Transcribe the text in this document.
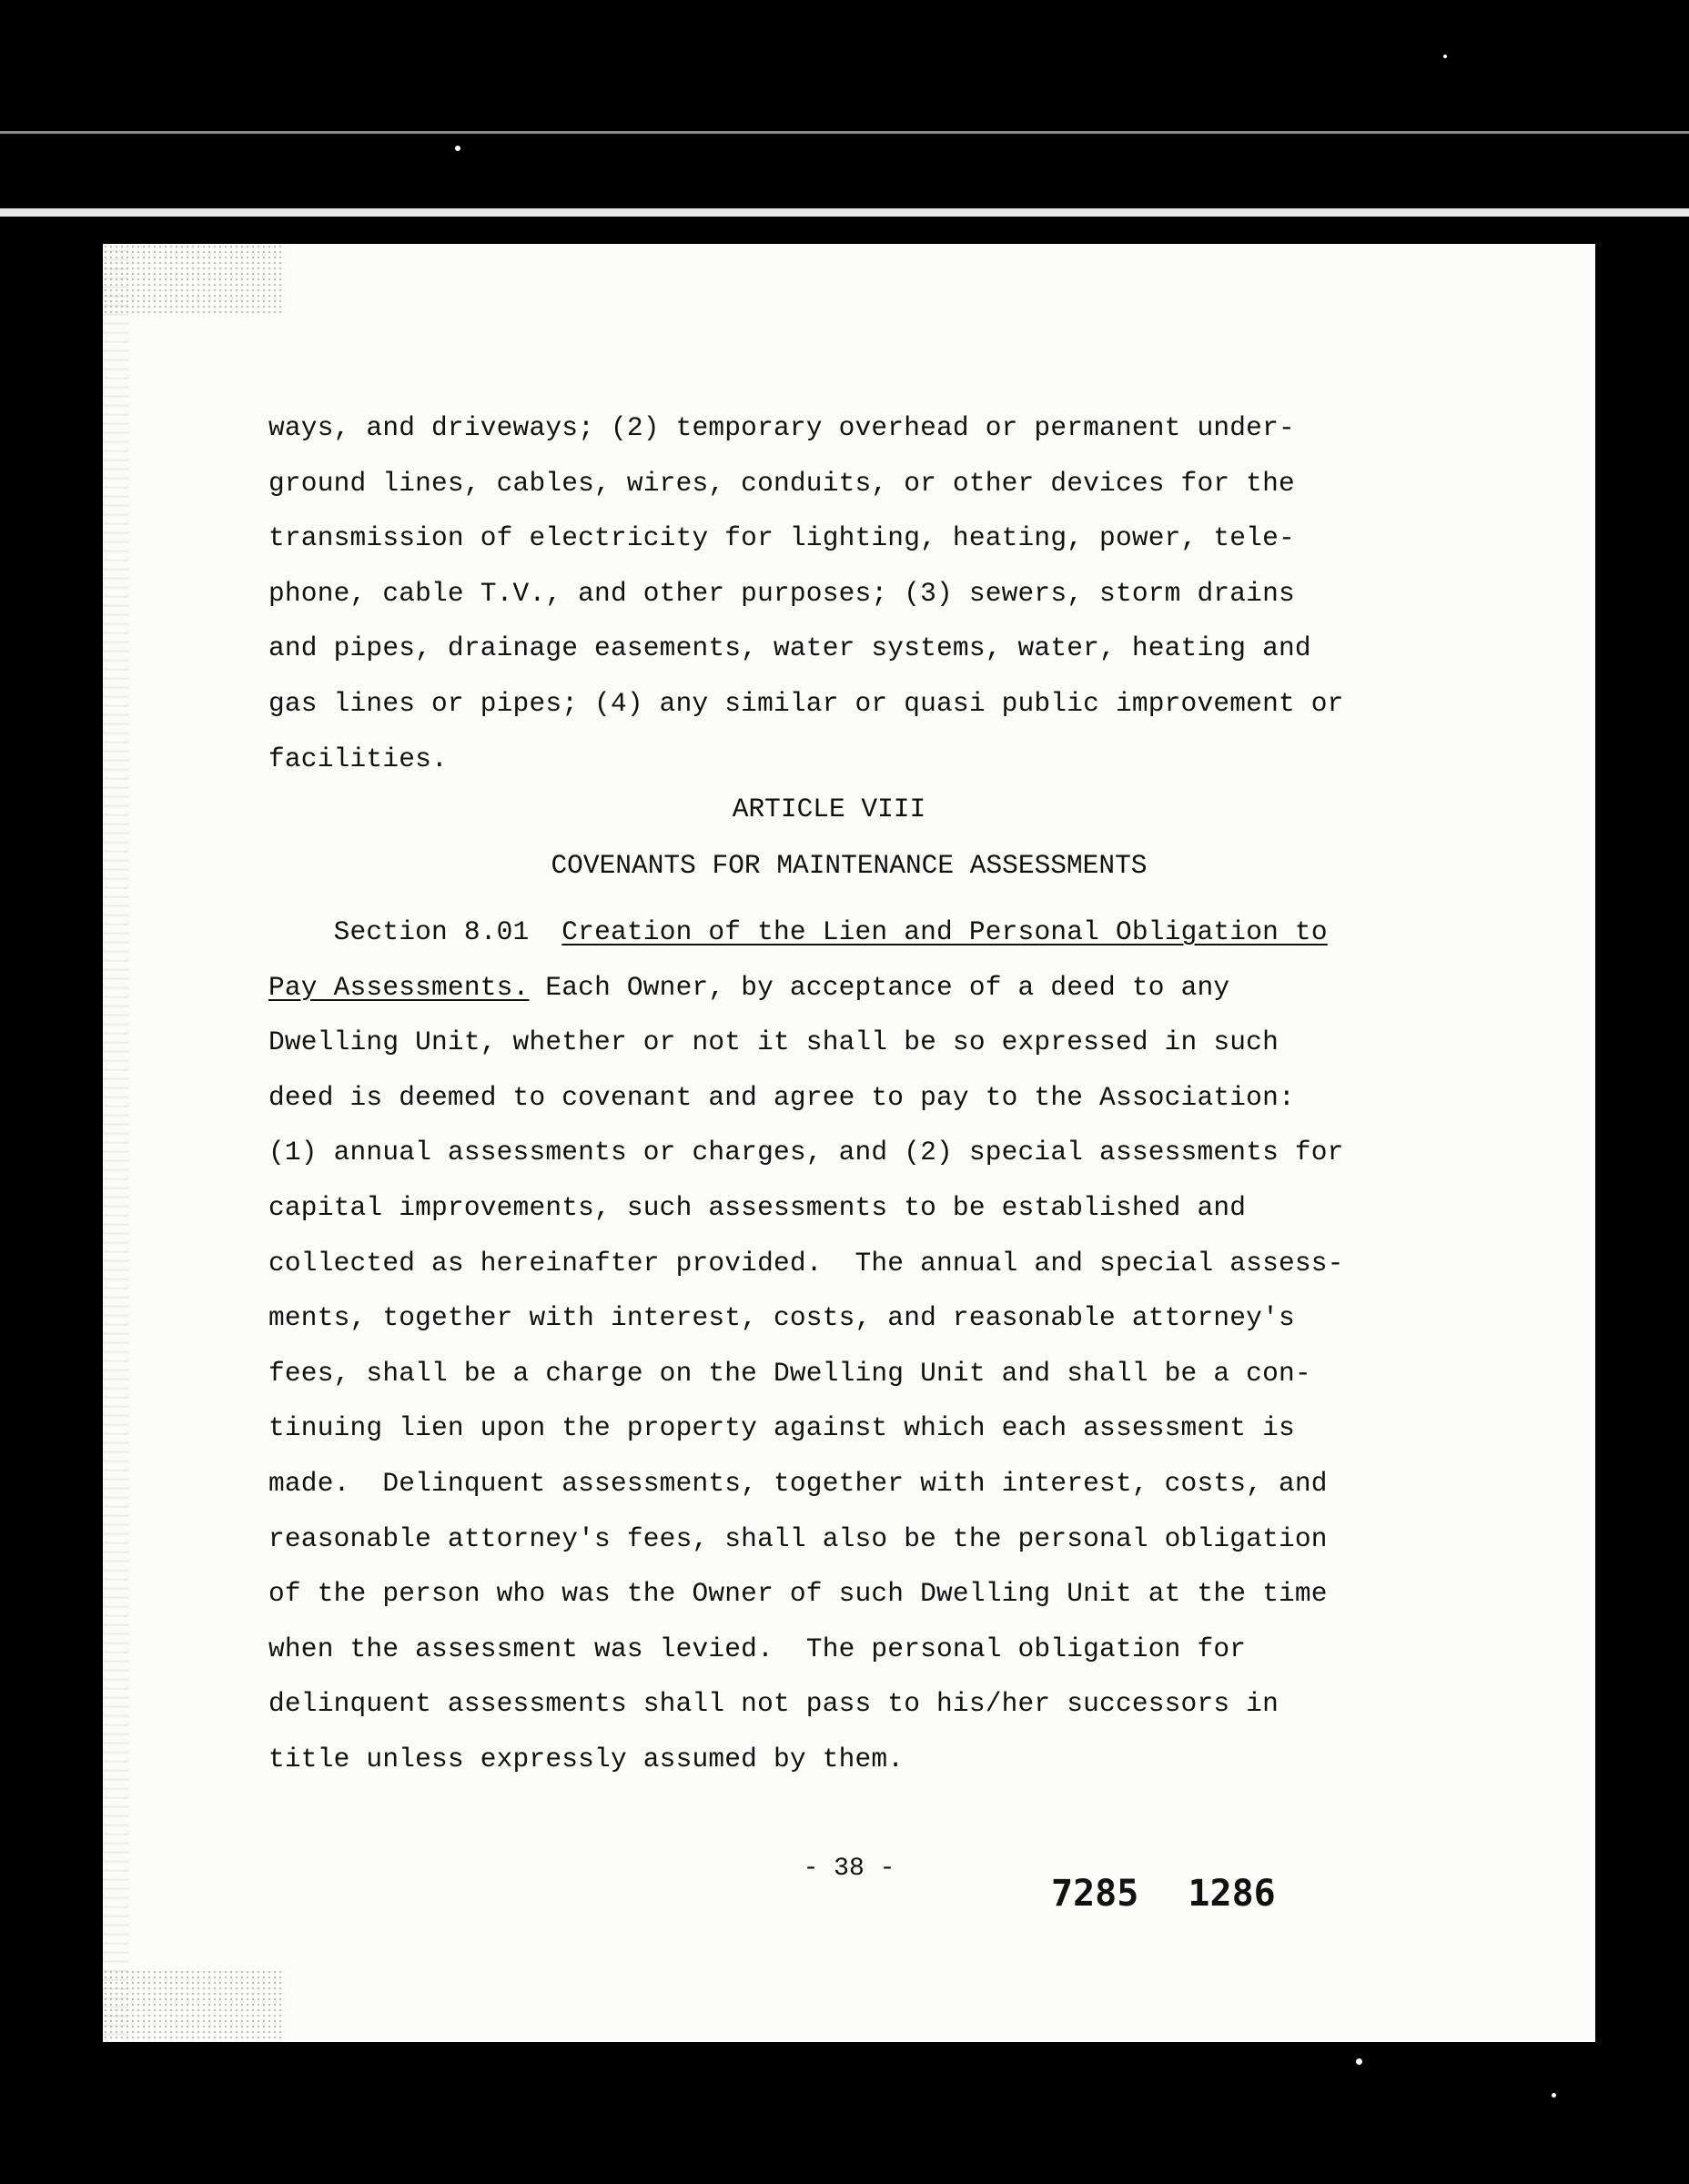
ways, and driveways; (2) temporary overhead or permanent under-
ground lines, cables, wires, conduits, or other devices for the
transmission of electricity for lighting, heating, power, tele-
phone, cable T.V., and other purposes; (3) sewers, storm drains
and pipes, drainage easements, water systems, water, heating and
gas lines or pipes; (4) any similar or quasi public improvement or
facilities.

ARTICLE VIII

COVENANTS FOR MAINTENANCE ASSESSMENTS

Section 8.01 Creation of the Lien and Personal Obligation to
Pay Assessments. Each Owner, by acceptance of a deed to any
Dwelling Unit, whether or not it shall be so expressed in such
deed is deemed to covenant and agree to pay to the Association:
(1) annual assessments or charges, and (2) special assessments for
capital improvements, such assessments to be established and
collected as hereinafter provided.  The annual and special assess-
ments, together with interest, costs, and reasonable attorney's
fees, shall be a charge on the Dwelling Unit and shall be a con-
tinuing lien upon the property against which each assessment is
made.  Delinquent assessments, together with interest, costs, and
reasonable attorney's fees, shall also be the personal obligation
of the person who was the Owner of such Dwelling Unit at the time
when the assessment was levied.  The personal obligation for
delinquent assessments shall not pass to his/her successors in
title unless expressly assumed by them.

- 38 -

7285 1286
